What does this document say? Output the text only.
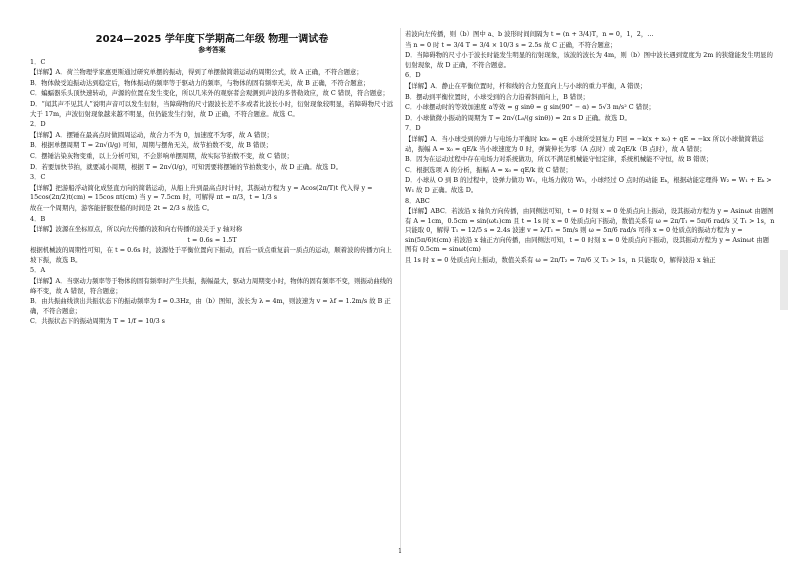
2024—2025 学年度下学期高二年级 物理一调试卷
参考答案
1．C
【详解】A．荷兰物理学家惠更斯通过研究单摆的振动，得到了单摆做简谐运动的周期公式，故 A 正确，不符合题意；
B．物体做受迫振动达到稳定后，物体振动的频率等于驱动力的频率，与物体的固有频率无关，故 B 正确，不符合题意；
C．蝙蝠器乐头顶快速转动，声源的位置在发生变化，所以几米外的观察者会观测到声波的多普勒效应，故 C 错误，符合题意；
D．“闻其声不见其人”说明声音可以发生衍射，当障碍物的尺寸跟波长差不多或者比波长小时，衍射现象较明显，若障碍物尺寸远大于 17m，声波衍射现象越来越不明显，但仍能发生行射，故 D 正确，不符合题意。故选 C。
2．D
【详解】A．摆锤在最高点时做圆周运动，故合力不为 0，加速度不为零，故 A 错误；
B．根据单摆周期 T = 2π√(l/g) 可知，周期与摆角无关，故节拍数不变，故 B 错误；
C．摆锤沾染灰物变重，以上分析可知，不会影响单摆周期，故实际节拍数不变，故 C 错误；
D．若要加快节拍，就要减小周期，根据 T = 2π√(l/g)，可知需要将摆锤的节拍数变小，故 D 正确。故选 D。
3．C
【详解】把游船浮动简化成竖直方向的简谐运动，从船上升到最高点时计时，其振动方程为 y = Acos(2π/T)t 代入得 y = 15cos(2π/2)t(cm) = 15cos πt(cm) 当 y = 7.5cm 时，可解得 πt = π/3，t = 1/3 s
故在一个周期内，游客能舒服登船的时间是 2t = 2/3 s 故选 C。
4．B
【详解】波源在坐标原点，所以向左传播的波和向右传播的波关于 y 轴对称
t = 0.6s = 1.5T
根据机械波的周期性可知，在 t = 0.6s 时，波源处于平衡位置向下振动，而后一质点重复前一质点的运动，顺着波的传播方向上坡下振，故选 B。
5．A
【详解】A．当驱动力频率等于物体的固有频率时产生共振，振幅最大，驱动力周期变小时，物体的固有频率不变，则振动曲线的峰不变，故 A 错误，符合题意；
B．由共振曲线读出共振状态下的振动频率为 f = 0.3Hz，由（b）图知，波长为 λ = 4m，则波速为 v = λf = 1.2m/s 故 B 正确，不符合题意；
C．共振状态下的振动周期为 T = 1/f = 10/3 s
若波向左传播，则（b）图中 a、b 波形时间间隔为 t = (n + 3/4)T，n = 0，1，2，…
当 n = 0 时 t = 3/4 T = 3/4 × 10/3 s = 2.5s 故 C 正确，不符合题意；
D．当障碍物的尺寸小于波长时能发生明显的衍射现象，该波的波长为 4m，则（b）图中波长遇到宽度为 2m 的狭缝能发生明显的衍射现象，故 D 正确，不符合题意。
6．D
【详解】A．静止在平衡位置时，杆和线的合力竖直向上与小球的重力平衡，A 错误；
B．摆动到平衡位置时，小球受到的合力沿着斜面向上，B 错误；
C．小球摆动时的等效加速度 a等效 = g sinθ = g sin(90° − α) = 5√3 m/s² C 错误；
D．小球做微小振动的周期为 T = 2π√(L₀/(g sinθ)) = 2π s D 正确。故选 D。
7．D
【详解】A．当小球受到的弹力与电场力平衡时 kx₀ = qE 小球所受回复力 F回 = −k(x + x₀) + qE = −kx 所以小球做简谐运动，振幅 A = x₀ = qE/k 当小球速度为 0 时，弹簧伸长为零（A 点时）或 2qE/k（B 点时），故 A 错误；
B．因为在运动过程中存在电场力对系统做功，所以不满足机械能守恒定律，系统机械能不守恒，故 B 错误；
C．根据选项 A 的分析，振幅 A = x₀ = qE/k 故 C 错误；
D．小球从 O 到 B 的过程中，设弹力做功 W₁，电场力做功 W₂，小球经过 O 点时的动能 Eₖ，根据动能定理得 W₂ = W₁ + Eₖ > W₁ 故 D 正确。故选 D。
8．ABC
【详解】ABC．若波沿 x 轴负方向传播，由同侧法可知，t = 0 时刻 x = 0 处质点向上振动，设其振动方程为 y = Asinωt 由题图有 A = 1cm，0.5cm = sin(ωt₁)cm 且 t = 1s 时 x = 0 处质点向下振动，数值关系有 ω = 2π/T₁ = 5π/6 rad/s 又 T₁ > 1s，n 只能取 0，解得 T₁ = 12/5 s = 2.4s 波速 v = λ/T₁ = 5m/s 则 ω = 5π/6 rad/s 可得 x = 0 处质点的振动方程为 y = sin(5π/6)t(cm) 若波沿 x 轴正方向传播，由同侧法可知，t = 0 时刻 x = 0 处质点向下振动，设其振动方程为 y = Asinωt 由题图有 0.5cm = sinωt(cm)
且 1s 时 x = 0 处质点向上振动，数值关系有 ω = 2π/T₂ = 7π/6 又 T₂ > 1s，n 只能取 0，解得波沿 x 轴正
1
